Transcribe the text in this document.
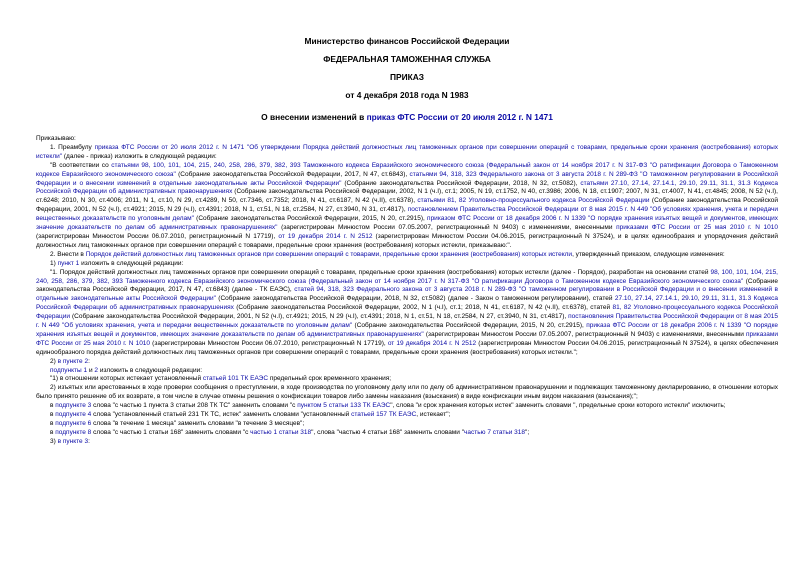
Министерство финансов Российской Федерации
ФЕДЕРАЛЬНАЯ ТАМОЖЕННАЯ СЛУЖБА
ПРИКАЗ
от 4 декабря 2018 года N 1983
О внесении изменений в приказ ФТС России от 20 июля 2012 г. N 1471

Приказываю:

1. Преамбулу приказа ФТС России от 20 июля 2012 г. N 1471 "Об утверждении Порядка действий должностных лиц таможенных органов при совершении операций с товарами, предельные сроки хранения (востребования) которых истекли" (далее - приказ) изложить в следующей редакции:

"В соответствии со статьями 98, 100, 101, 104, 215, 240, 258, 286, 379, 382, 393 Таможенного кодекса Евразийского экономического союза (Федеральный закон от 14 ноября 2017 г. N 317-ФЗ "О ратификации Договора о Таможенном кодексе Евразийского экономического союза" (Собрание законодательства Российской Федерации, 2017, N 47, ст.6843), статьями 94, 318, 323 Федерального закона от 3 августа 2018 г. N 289-ФЗ "О таможенном регулировании в Российской Федерации и о внесении изменений в отдельные законодательные акты Российской Федерации" (Собрание законодательства Российской Федерации, 2018, N 32, ст.5082), статьями 27.10, 27.14, 27.14.1, 29.10, 29.11, 31.1, 31.3 Кодекса Российской Федерации об административных правонарушениях (Собрание законодательства Российской Федерации, 2002, N 1 (ч.I), ст.1; 2005, N 19, ст.1752, N 40, ст.3986; 2006, N 18, ст.1907; 2007, N 31, ст.4007, N 41, ст.4845; 2008, N 52 (ч.I), ст.6248; 2010, N 30, ст.4006; 2011, N 1, ст.10, N 29, ст.4289, N 50, ст.7346, ст.7352; 2018, N 41, ст.6187, N 42 (ч.II), ст.6378), статьями 81, 82 Уголовно-процессуального кодекса Российской Федерации (Собрание законодательства Российской Федерации, 2001, N 52 (ч.I), ст.4921; 2015, N 29 (ч.I), ст.4391; 2018, N 1, ст.51, N 18, ст.2584, N 27, ст.3940, N 31, ст.4817), постановлением Правительства Российской Федерации от 8 мая 2015 г. N 449 "Об условиях хранения, учета и передачи вещественных доказательств по уголовным делам" (Собрание законодательства Российской Федерации, 2015, N 20, ст.2915), приказом ФТС России от 18 декабря 2006 г. N 1339 "О порядке хранения изъятых вещей и документов, имеющих значение доказательств по делам об административных правонарушениях" (зарегистрирован Минюстом России 07.05.2007, регистрационный N 9403) с изменениями, внесенными приказами ФТС России от 25 мая 2010 г. N 1010 (зарегистрирован Минюстом России 06.07.2010, регистрационный N 17719), от 19 декабря 2014 г. N 2512 (зарегистрирован Минюстом России 04.06.2015, регистрационный N 37524), и в целях единообразия и упорядочения действий должностных лиц таможенных органов при совершении операций с товарами, предельные сроки хранения (востребования) которых истекли, приказываю:".

2. Внести в Порядок действий должностных лиц таможенных органов при совершении операций с товарами, предельные сроки хранения (востребования) которых истекли, утвержденный приказом, следующие изменения:

1) пункт 1 изложить в следующей редакции:

"1. Порядок действий должностных лиц таможенных органов при совершении операций с товарами, предельные сроки хранения (востребования) которых истекли (далее - Порядок), разработан на основании статей 98, 100, 101, 104, 215, 240, 258, 286, 379, 382, 393 Таможенного кодекса Евразийского экономического союза (Федеральный закон от 14 ноября 2017 г. N 317-ФЗ "О ратификации Договора о Таможенном кодексе Евразийского экономического союза" (Собрание законодательства Российской Федерации, 2017, N 47, ст.6843) (далее - ТК ЕАЭС), статей 94, 318, 323 Федерального закона от 3 августа 2018 г. N 289-ФЗ "О таможенном регулировании в Российской Федерации и о внесении изменений в отдельные законодательные акты Российской Федерации" (Собрание законодательства Российской Федерации, 2018, N 32, ст.5082) (далее - Закон о таможенном регулировании), статей 27.10, 27.14, 27.14.1, 29.10, 29.11, 31.1, 31.3 Кодекса Российской Федерации об административных правонарушениях (Собрание законодательства Российской Федерации, 2002, N 1 (ч.I), ст.1; 2018, N 41, ст.6187, N 42 (ч.II), ст.6378), статей 81, 82 Уголовно-процессуального кодекса Российской Федерации (Собрание законодательства Российской Федерации, 2001, N 52 (ч.I), ст.4921; 2015, N 29 (ч.I), ст.4391; 2018, N 1, ст.51, N 18, ст.2584, N 27, ст.3940, N 31, ст.4817), постановления Правительства Российской Федерации от 8 мая 2015 г. N 449 "Об условиях хранения, учета и передачи вещественных доказательств по уголовным делам" (Собрание законодательства Российской Федерации, 2015, N 20, ст.2915), приказа ФТС России от 18 декабря 2006 г. N 1339 "О порядке хранения изъятых вещей и документов, имеющих значение доказательств по делам об административных правонарушениях" (зарегистрирован Минюстом России 07.05.2007, регистрационный N 9403) с изменениями, внесенными приказами ФТС России от 25 мая 2010 г. N 1010 (зарегистрирован Минюстом России 06.07.2010, регистрационный N 17719), от 19 декабря 2014 г. N 2512 (зарегистрирован Минюстом России 04.06.2015, регистрационный N 37524), в целях обеспечения единообразного порядка действий должностных лиц таможенных органов при совершении операций с товарами, предельные сроки хранения (востребования) которых истекли.";

2) в пункте 2:

подпункты 1 и 2 изложить в следующей редакции:

"1) в отношении которых истекает установленный статьей 101 ТК ЕАЭС предельный срок временного хранения;

2) изъятых или арестованных в ходе проверки сообщения о преступлении, в ходе производства по уголовному делу или по делу об административном правонарушении и подлежащих таможенному декларированию, в отношении которых было принято решение об их возврате, в том числе в случае отмены решения о конфискации товаров либо замены наказания (взыскания) в виде конфискации иным видом наказания (взыскания);";

в подпункте 3 слова "с частью 1 пункта 3 статьи 208 ТК ТС" заменить словами "с пунктом 5 статьи 133 ТК ЕАЭС", слова "и срок хранения которых истек" заменить словами ", предельные сроки которого истекли" исключить;

в подпункте 4 слова "установленный статьей 231 ТК ТС, истек" заменить словами "установленный статьей 157 ТК ЕАЭС, истекает";

в подпункте 6 слова "в течение 1 месяца" заменить словами "в течение 3 месяцев";

в подпункте 8 слова "с частью 1 статьи 168" заменить словами "с частью 1 статьи 318", слова "частью 4 статьи 168" заменить словами "частью 7 статьи 318";

3) в пункте 3:
